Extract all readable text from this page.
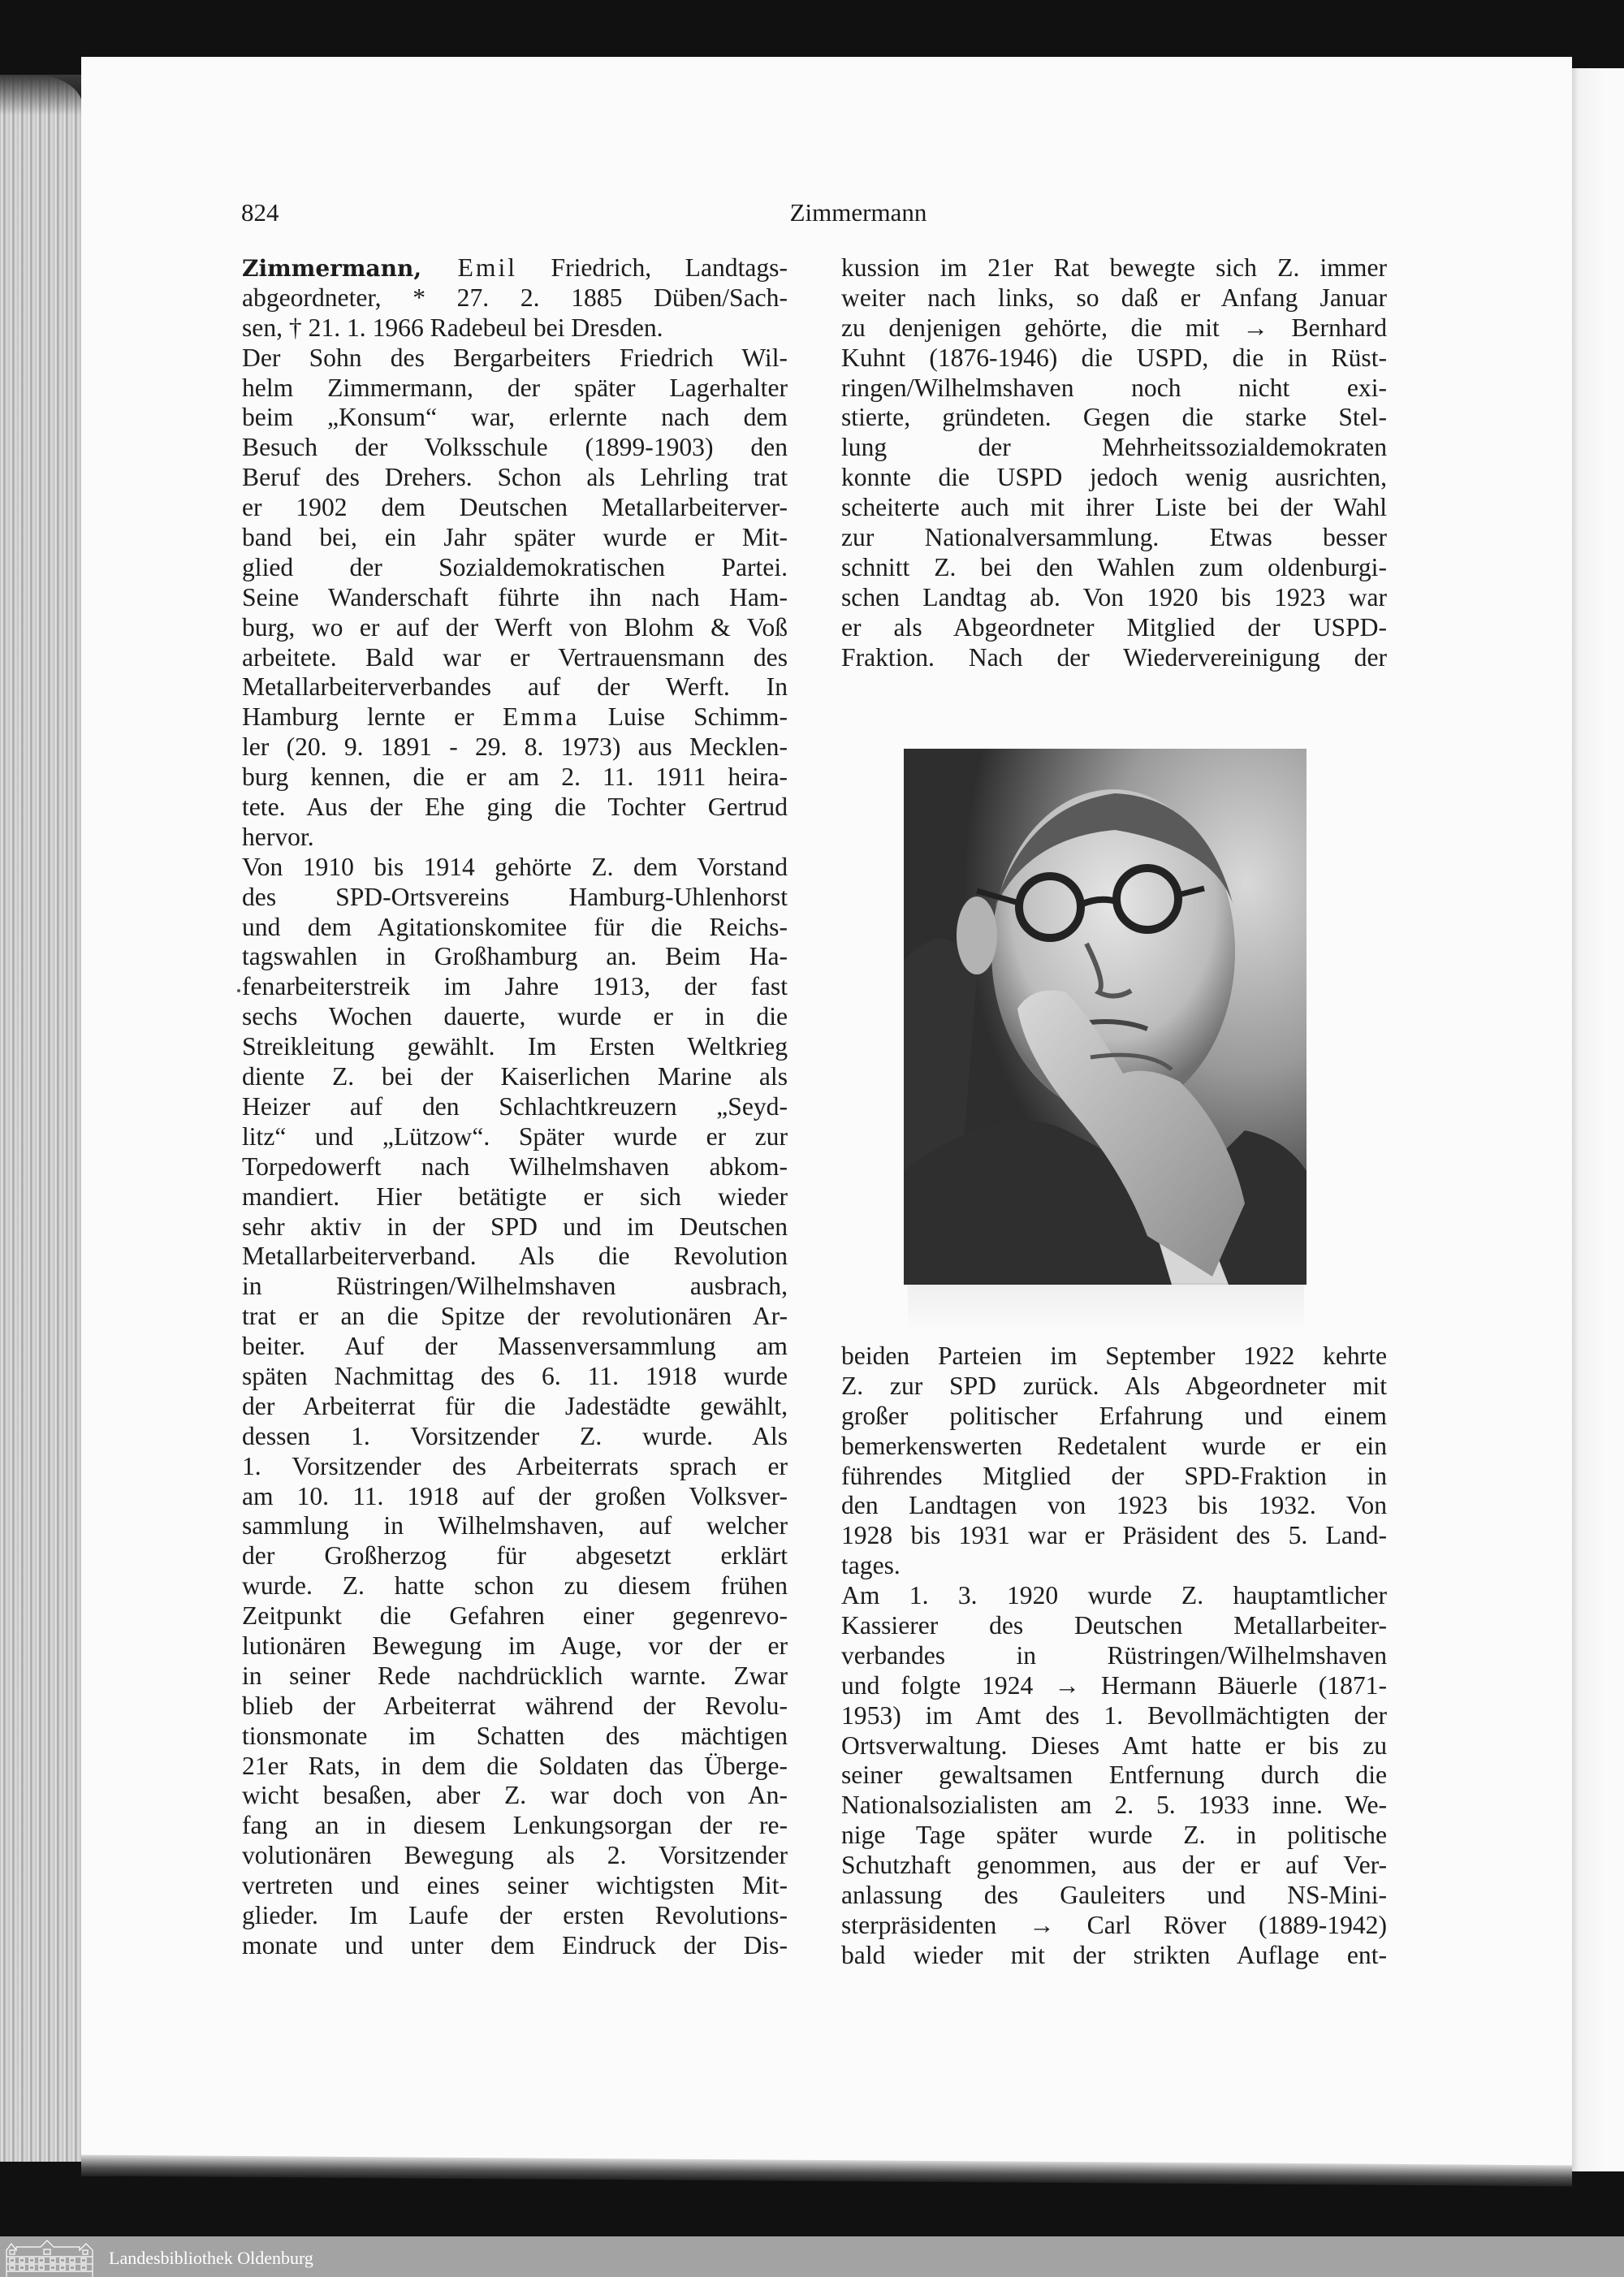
824	Zimmermann
Zimmermann, Emil Friedrich, Landtags-
abgeordneter, * 27. 2. 1885 Düben/Sach-
sen, † 21. 1. 1966 Radebeul bei Dresden.
Der Sohn des Bergarbeiters Friedrich Wil-
helm Zimmermann, der später Lagerhalter
beim „Konsum“ war, erlernte nach dem
Besuch der Volksschule (1899-1903) den
Beruf des Drehers. Schon als Lehrling trat
er 1902 dem Deutschen Metallarbeiterver-
band bei, ein Jahr später wurde er Mit-
glied der Sozialdemokratischen Partei.
Seine Wanderschaft führte ihn nach Ham-
burg, wo er auf der Werft von Blohm & Voß
arbeitete. Bald war er Vertrauensmann des
Metallarbeiterverbandes auf der Werft. In
Hamburg lernte er Emma Luise Schimm-
ler (20. 9. 1891 - 29. 8. 1973) aus Mecklen-
burg kennen, die er am 2. 11. 1911 heira-
tete. Aus der Ehe ging die Tochter Gertrud
hervor.
Von 1910 bis 1914 gehörte Z. dem Vorstand
des SPD-Ortsvereins Hamburg-Uhlenhorst
und dem Agitationskomitee für die Reichs-
tagswahlen in Großhamburg an. Beim Ha-
fenarbeiterstreik im Jahre 1913, der fast
sechs Wochen dauerte, wurde er in die
Streikleitung gewählt. Im Ersten Weltkrieg
diente Z. bei der Kaiserlichen Marine als
Heizer auf den Schlachtkreuzern „Seyd-
litz“ und „Lützow“. Später wurde er zur
Torpedowerft nach Wilhelmshaven abkom-
mandiert. Hier betätigte er sich wieder
sehr aktiv in der SPD und im Deutschen
Metallarbeiterverband. Als die Revolution
in Rüstringen/Wilhelmshaven ausbrach,
trat er an die Spitze der revolutionären Ar-
beiter. Auf der Massenversammlung am
späten Nachmittag des 6. 11. 1918 wurde
der Arbeiterrat für die Jadestädte gewählt,
dessen 1. Vorsitzender Z. wurde. Als
1. Vorsitzender des Arbeiterrats sprach er
am 10. 11. 1918 auf der großen Volksver-
sammlung in Wilhelmshaven, auf welcher
der Großherzog für abgesetzt erklärt
wurde. Z. hatte schon zu diesem frühen
Zeitpunkt die Gefahren einer gegenrevo-
lutionären Bewegung im Auge, vor der er
in seiner Rede nachdrücklich warnte. Zwar
blieb der Arbeiterrat während der Revolu-
tionsmonate im Schatten des mächtigen
21er Rats, in dem die Soldaten das Überge-
wicht besaßen, aber Z. war doch von An-
fang an in diesem Lenkungsorgan der re-
volutionären Bewegung als 2. Vorsitzender
vertreten und eines seiner wichtigsten Mit-
glieder. Im Laufe der ersten Revolutions-
monate und unter dem Eindruck der Dis-
kussion im 21er Rat bewegte sich Z. immer
weiter nach links, so daß er Anfang Januar
zu denjenigen gehörte, die mit → Bernhard
Kuhnt (1876-1946) die USPD, die in Rüst-
ringen/Wilhelmshaven noch nicht exi-
stierte, gründeten. Gegen die starke Stel-
lung der Mehrheitssozialdemokraten
konnte die USPD jedoch wenig ausrichten,
scheiterte auch mit ihrer Liste bei der Wahl
zur Nationalversammlung. Etwas besser
schnitt Z. bei den Wahlen zum oldenburgi-
schen Landtag ab. Von 1920 bis 1923 war
er als Abgeordneter Mitglied der USPD-
Fraktion. Nach der Wiedervereinigung der
beiden Parteien im September 1922 kehrte
Z. zur SPD zurück. Als Abgeordneter mit
großer politischer Erfahrung und einem
bemerkenswerten Redetalent wurde er ein
führendes Mitglied der SPD-Fraktion in
den Landtagen von 1923 bis 1932. Von
1928 bis 1931 war er Präsident des 5. Land-
tages.
Am 1. 3. 1920 wurde Z. hauptamtlicher
Kassierer des Deutschen Metallarbeiter-
verbandes in Rüstringen/Wilhelmshaven
und folgte 1924 → Hermann Bäuerle (1871-
1953) im Amt des 1. Bevollmächtigten der
Ortsverwaltung. Dieses Amt hatte er bis zu
seiner gewaltsamen Entfernung durch die
Nationalsozialisten am 2. 5. 1933 inne. We-
nige Tage später wurde Z. in politische
Schutzhaft genommen, aus der er auf Ver-
anlassung des Gauleiters und NS-Mini-
sterpräsidenten → Carl Röver (1889-1942)
bald wieder mit der strikten Auflage ent-
Landesbibliothek Oldenburg
